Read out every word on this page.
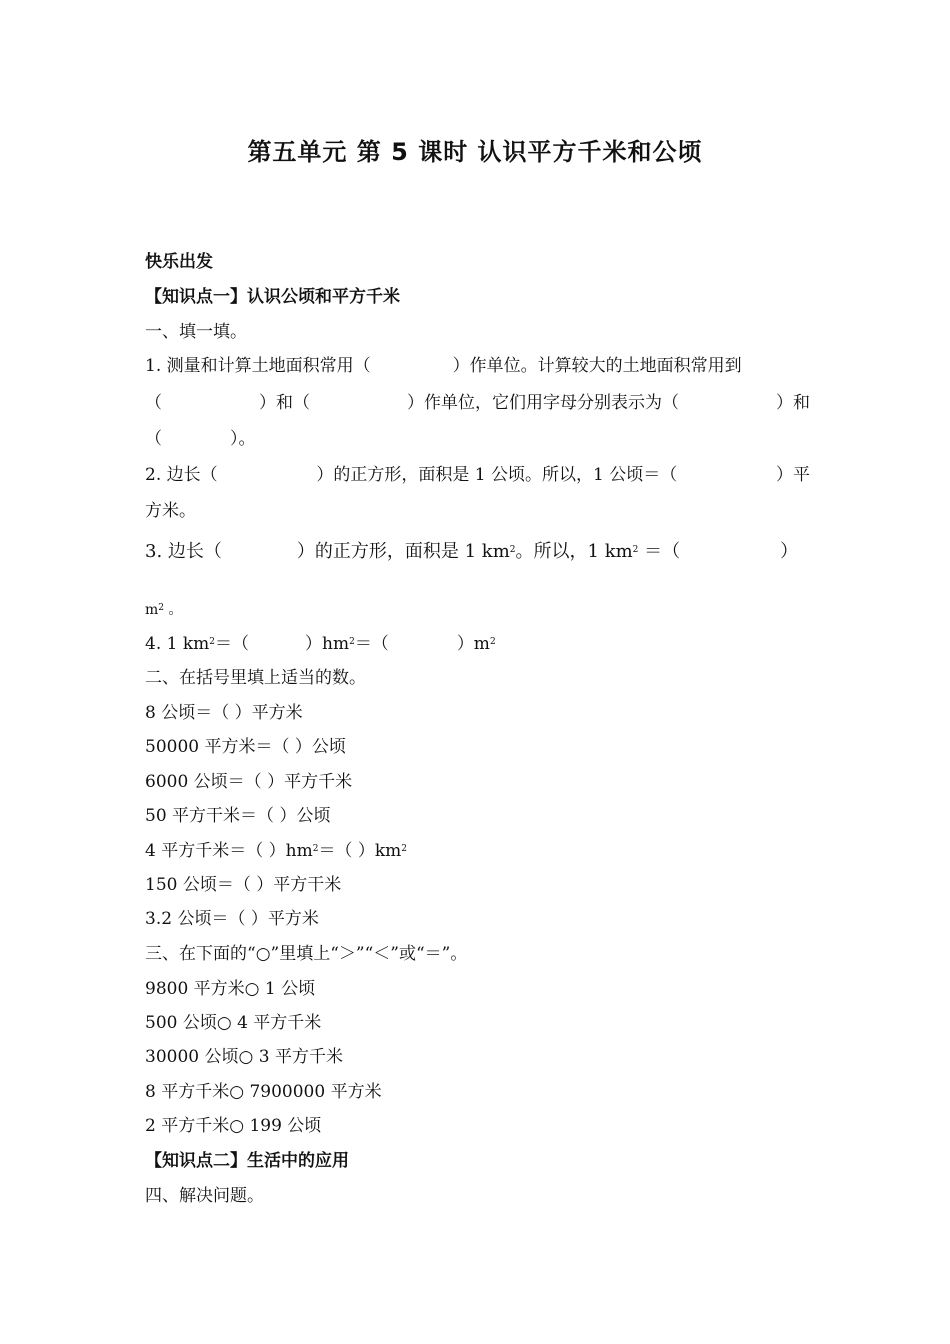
第五单元 第 5 课时 认识平方千米和公顷
快乐出发
【知识点一】认识公顷和平方千米
一、填一填。
1. 测量和计算土地面积常用（	）作单位。计算较大的土地面积常用到
（	）和（	）作单位，它们用字母分别表示为（	）和
（	）。
2. 边长（	）的正方形，面积是 1 公顷。所以，1 公顷＝（	）平
方米。
3. 边长（	）的正方形，面积是 1 $km^2$。所以，1 $km^2$ ＝（	）
$m^2$ 。
4. 1 $km^2=$（	）$hm^2=$（	）$m^2$
二、在括号里填上适当的数。
8 公顷＝（ ）平方米
50000 平方米＝（ ）公顷
6000 公顷＝（ ）平方千米
50 平方干米＝（ ）公顷
4 平方千米＝（ ）$hm^2=$（ ）$km^2$
150 公顷＝（ ）平方干米
3.2 公顷＝（ ）平方米
三、在下面的“○”里填上“＞”“＜”或“＝”。
9800 平方米○ 1 公顷
500 公顷○ 4 平方千米
30000 公顷○ 3 平方千米
8 平方千米○ 7900000 平方米
2 平方千米○ 199 公顷
【知识点二】生活中的应用
四、解决问题。
